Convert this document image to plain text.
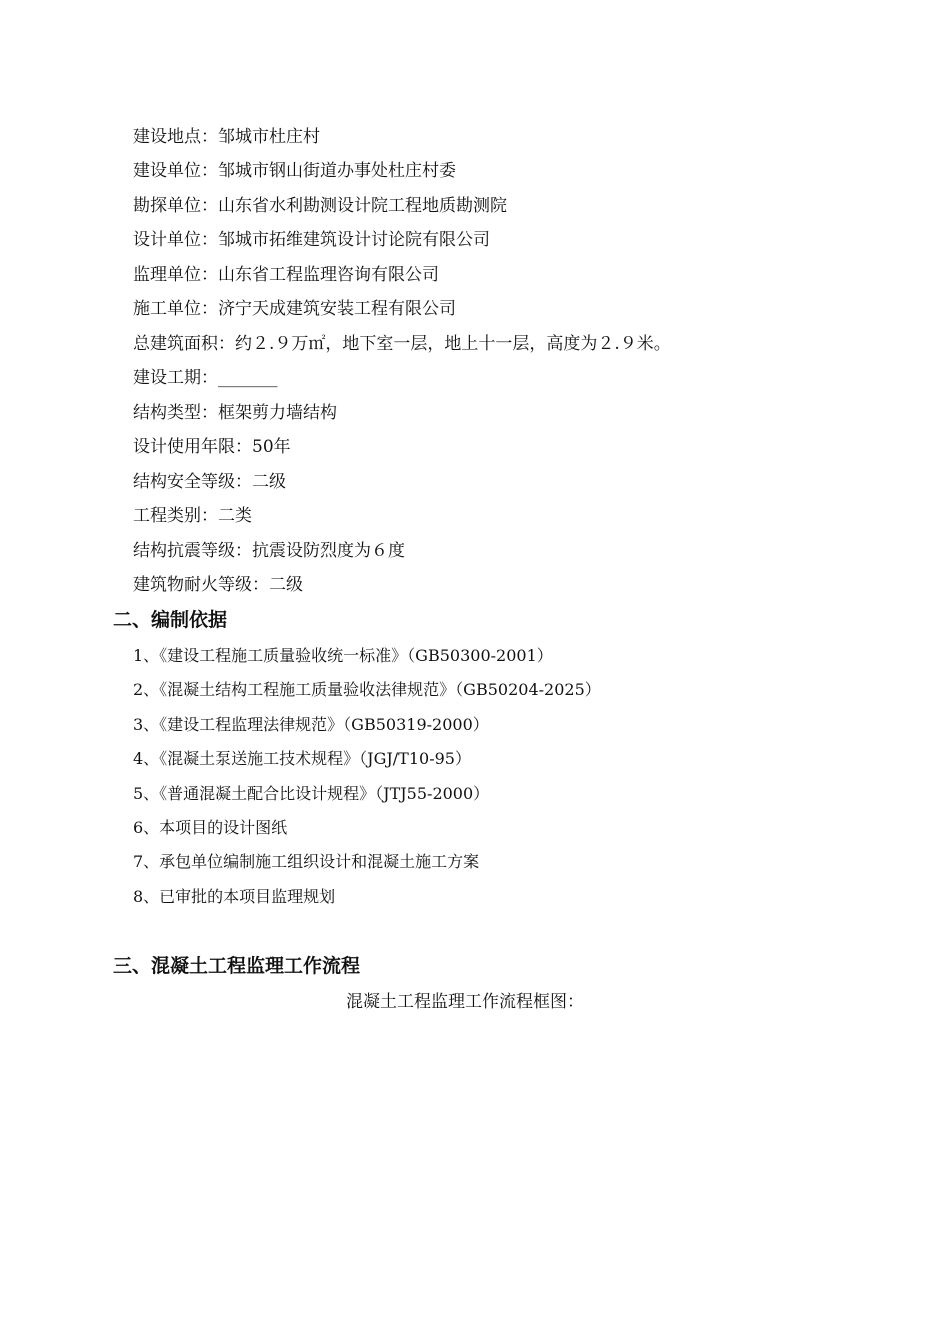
建设地点：邹城市杜庄村
建设单位：邹城市钢山街道办事处杜庄村委
勘探单位：山东省水利勘测设计院工程地质勘测院
设计单位：邹城市拓维建筑设计讨论院有限公司
监理单位：山东省工程监理咨询有限公司
施工单位：济宁天成建筑安装工程有限公司
总建筑面积：约２.９万㎡，地下室一层，地上十一层，高度为２.９米。
建设工期：_______
结构类型：框架剪力墙结构
设计使用年限：50年
结构安全等级：二级
工程类别：二类
结构抗震等级：抗震设防烈度为６度
建筑物耐火等级：二级
二、编制依据
1、《建设工程施工质量验收统一标准》（GB50300-2001）
2、《混凝土结构工程施工质量验收法律规范》（GB50204-2025）
3、《建设工程监理法律规范》（GB50319-2000）
4、《混凝土泵送施工技术规程》（JGJ/T10-95）
5、《普通混凝土配合比设计规程》（JTJ55-2000）
6、本项目的设计图纸
7、承包单位编制施工组织设计和混凝土施工方案
8、已审批的本项目监理规划
三、混凝土工程监理工作流程
混凝土工程监理工作流程框图：
